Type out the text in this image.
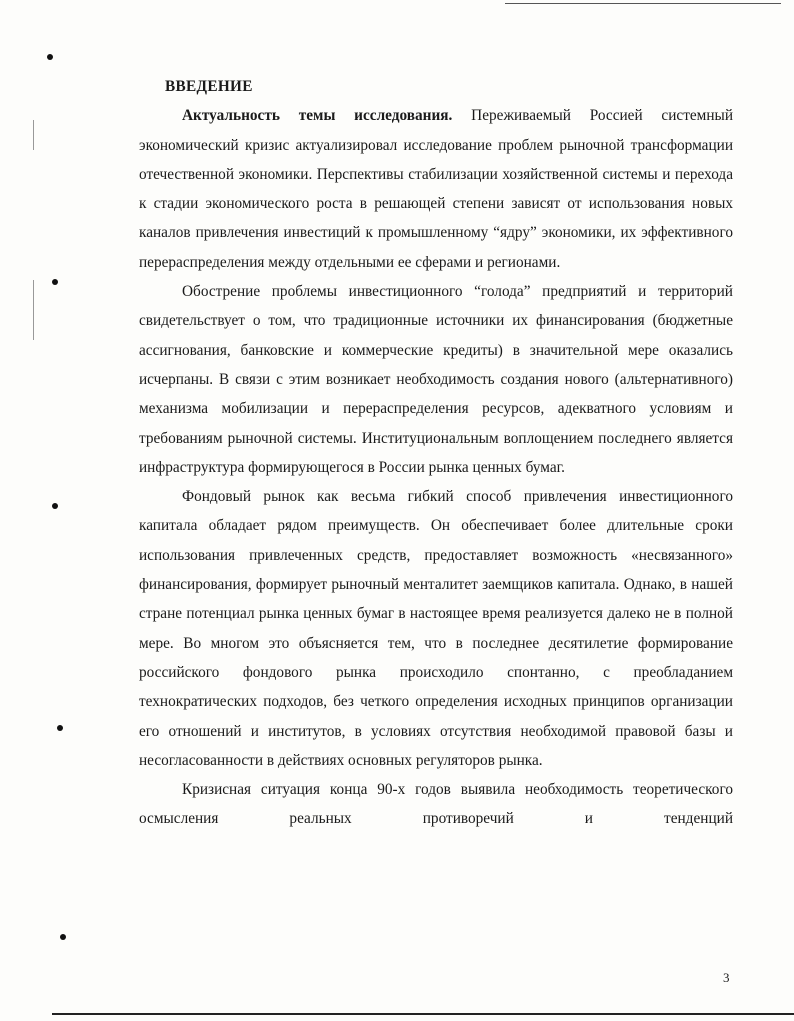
ВВЕДЕНИЕ

Актуальность темы исследования. Переживаемый Россией системный экономический кризис актуализировал исследование проблем рыночной трансформации отечественной экономики. Перспективы стабилизации хозяйственной системы и перехода к стадии экономического роста в решающей степени зависят от использования новых каналов привлечения инвестиций к промышленному “ядру” экономики, их эффективного перераспределения между отдельными ее сферами и регионами.

Обострение проблемы инвестиционного “голода” предприятий и территорий свидетельствует о том, что традиционные источники их финансирования (бюджетные ассигнования, банковские и коммерческие кредиты) в значительной мере оказались исчерпаны. В связи с этим возникает необходимость создания нового (альтернативного) механизма мобилизации и перераспределения ресурсов, адекватного условиям и требованиям рыночной системы. Институциональным воплощением последнего является инфраструктура формирующегося в России рынка ценных бумаг.

Фондовый рынок как весьма гибкий способ привлечения инвестиционного капитала обладает рядом преимуществ. Он обеспечивает более длительные сроки использования привлеченных средств, предоставляет возможность «несвязанного» финансирования, формирует рыночный менталитет заемщиков капитала. Однако, в нашей стране потенциал рынка ценных бумаг в настоящее время реализуется далеко не в полной мере. Во многом это объясняется тем, что в последнее десятилетие формирование российского фондового рынка происходило спонтанно, с преобладанием технократических подходов, без четкого определения исходных принципов организации его отношений и институтов, в условиях отсутствия необходимой правовой базы и несогласованности в действиях основных регуляторов рынка.

Кризисная ситуация конца 90-х годов выявила необходимость теоретического осмысления реальных противоречий и тенденций

3
